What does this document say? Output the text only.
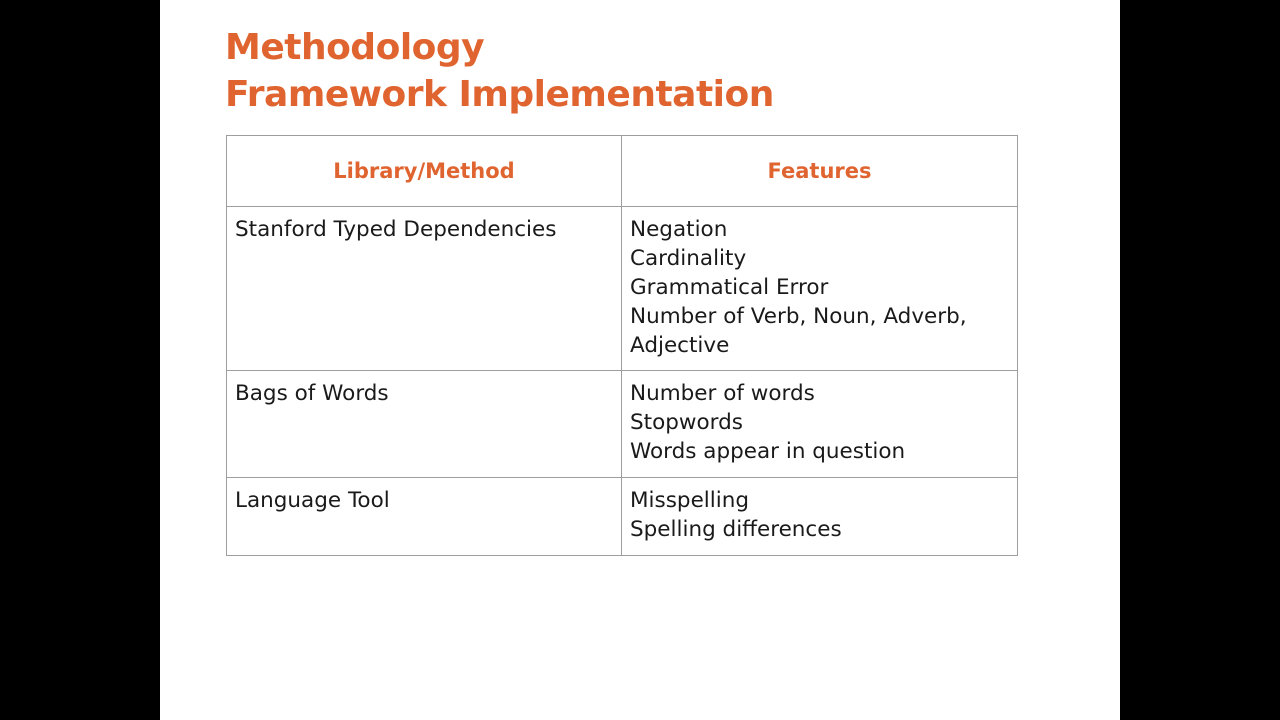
Methodology
Framework Implementation
Library/Method	Features
Stanford Typed Dependencies	Negation
Cardinality
Grammatical Error
Number of Verb, Noun, Adverb,
Adjective

Bags of Words	Number of words
Stopwords
Words appear in question

Language Tool	Misspelling
Spelling differences
